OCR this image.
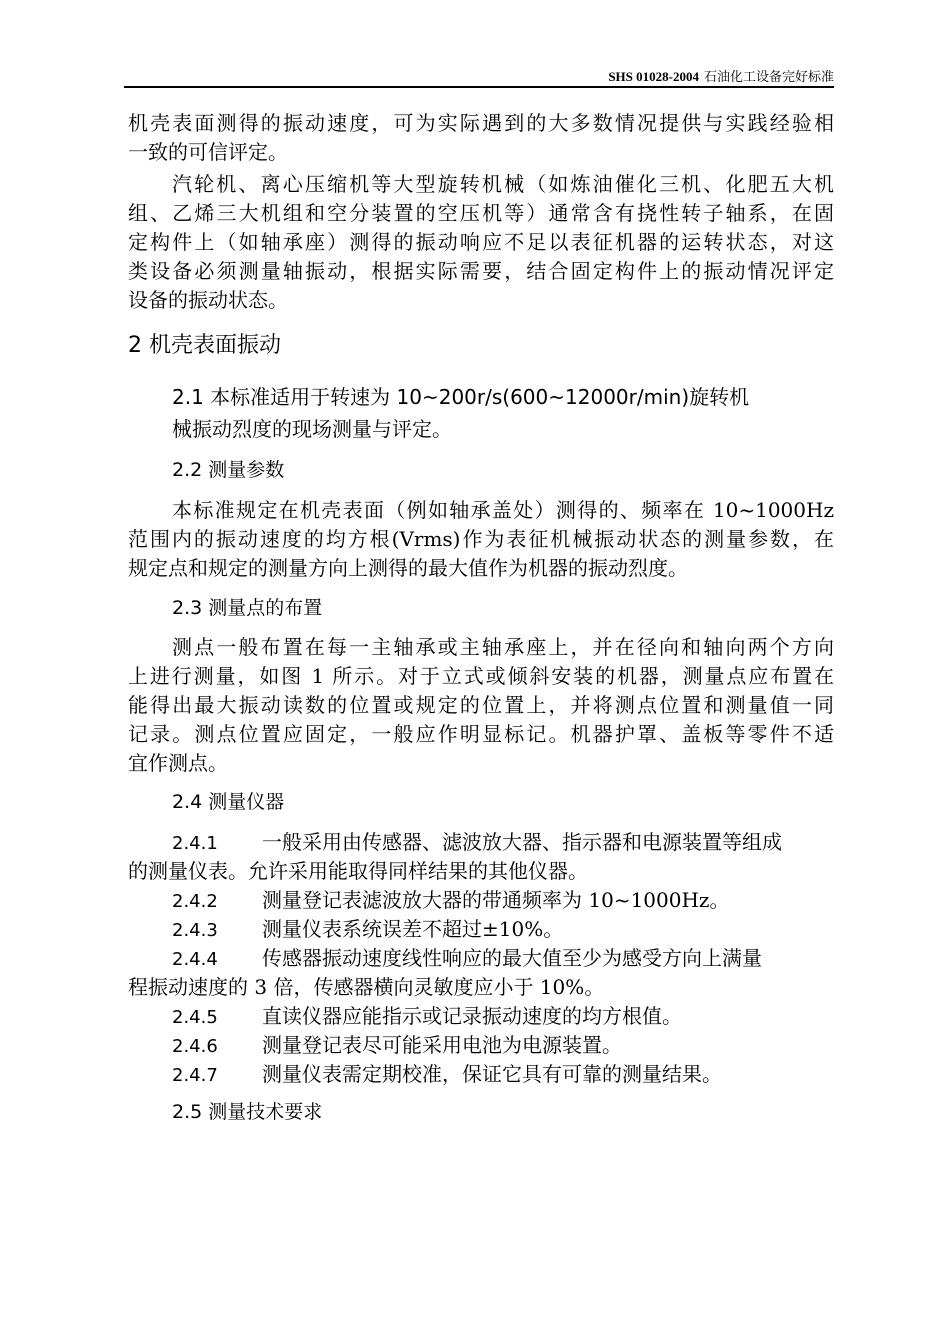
SHS 01028-2004 石油化工设备完好标准

机壳表面测得的振动速度，可为实际遇到的大多数情况提供与实践经验相

一致的可信评定。

汽轮机、离心压缩机等大型旋转机械（如炼油催化三机、化肥五大机

组、乙烯三大机组和空分装置的空压机等）通常含有挠性转子轴系，在固

定构件上（如轴承座）测得的振动响应不足以表征机器的运转状态，对这

类设备必须测量轴振动，根据实际需要，结合固定构件上的振动情况评定

设备的振动状态。

2 机壳表面振动

2.1 本标准适用于转速为 10~200r/s(600~12000r/min)旋转机

械振动烈度的现场测量与评定。

2.2 测量参数

本标准规定在机壳表面（例如轴承盖处）测得的、频率在 10~1000Hz

范围内的振动速度的均方根(Vrms)作为表征机械振动状态的测量参数，在

规定点和规定的测量方向上测得的最大值作为机器的振动烈度。

2.3 测量点的布置

测点一般布置在每一主轴承或主轴承座上，并在径向和轴向两个方向

上进行测量，如图 1 所示。对于立式或倾斜安装的机器，测量点应布置在

能得出最大振动读数的位置或规定的位置上，并将测点位置和测量值一同

记录。测点位置应固定，一般应作明显标记。机器护罩、盖板等零件不适

宜作测点。

2.4 测量仪器

2.4.1 一般采用由传感器、滤波放大器、指示器和电源装置等组成

的测量仪表。允许采用能取得同样结果的其他仪器。

2.4.2 测量登记表滤波放大器的带通频率为 10~1000Hz。

2.4.3 测量仪表系统误差不超过±10%。

2.4.4 传感器振动速度线性响应的最大值至少为感受方向上满量

程振动速度的 3 倍，传感器横向灵敏度应小于 10%。

2.4.5 直读仪器应能指示或记录振动速度的均方根值。

2.4.6 测量登记表尽可能采用电池为电源装置。

2.4.7 测量仪表需定期校准，保证它具有可靠的测量结果。

2.5 测量技术要求
